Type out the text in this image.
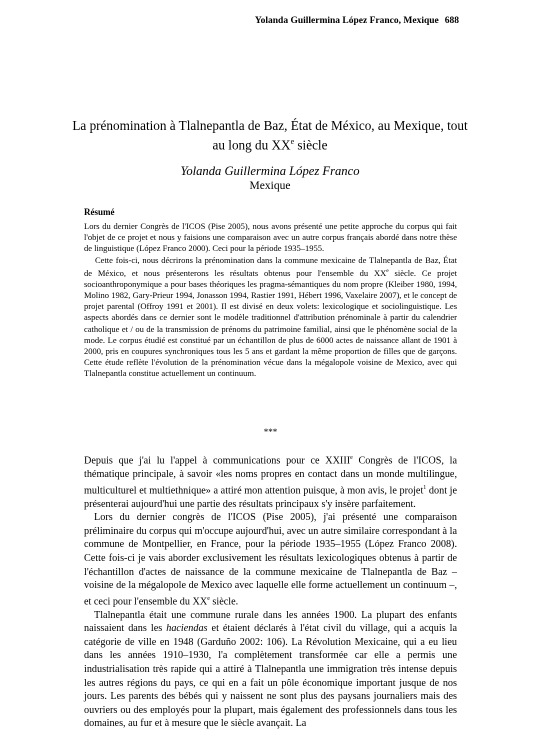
Yolanda Guillermina López Franco, Mexique 688
La prénomination à Tlalnepantla de Baz, État de México, au Mexique, tout au long du XXe siècle
Yolanda Guillermina López Franco
Mexique
Résumé

Lors du dernier Congrès de l'ICOS (Pise 2005), nous avons présenté une petite approche du corpus qui fait l'objet de ce projet et nous y faisions une comparaison avec un autre corpus français abordé dans notre thèse de linguistique (López Franco 2000). Ceci pour la période 1935–1955.

Cette fois-ci, nous décrirons la prénomination dans la commune mexicaine de Tlalnepantla de Baz, État de México, et nous présenterons les résultats obtenus pour l'ensemble du XXe siècle. Ce projet socioanthroponymique a pour bases théoriques les pragma-sémantiques du nom propre (Kleiber 1980, 1994, Molino 1982, Gary-Prieur 1994, Jonasson 1994, Rastier 1991, Hébert 1996, Vaxelaire 2007), et le concept de projet parental (Offroy 1991 et 2001). Il est divisé en deux volets: lexicologique et sociolinguistique. Les aspects abordés dans ce dernier sont le modèle traditionnel d'attribution prénominale à partir du calendrier catholique et / ou de la transmission de prénoms du patrimoine familial, ainsi que le phénomène social de la mode. Le corpus étudié est constitué par un échantillon de plus de 6000 actes de naissance allant de 1901 à 2000, pris en coupures synchroniques tous les 5 ans et gardant la même proportion de filles que de garçons. Cette étude reflète l'évolution de la prénomination vécue dans la mégalopole voisine de Mexico, avec qui Tlalnepantla constitue actuellement un continuum.

***

Depuis que j'ai lu l'appel à communications pour ce XXIIIe Congrès de l'ICOS, la thématique principale, à savoir «les noms propres en contact dans un monde multilingue, multiculturel et multiethnique» a attiré mon attention puisque, à mon avis, le projet$^1$ dont je présenterai aujourd'hui une partie des résultats principaux s'y insère parfaitement.

Lors du dernier congrès de l'ICOS (Pise 2005), j'ai présenté une comparaison préliminaire du corpus qui m'occupe aujourd'hui, avec un autre similaire correspondant à la commune de Montpellier, en France, pour la période 1935–1955 (López Franco 2008). Cette fois-ci je vais aborder exclusivement les résultats lexicologiques obtenus à partir de l'échantillon d'actes de naissance de la commune mexicaine de Tlalnepantla de Baz – voisine de la mégalopole de Mexico avec laquelle elle forme actuellement un continuum –, et ceci pour l'ensemble du XXe siècle.

Tlalnepantla était une commune rurale dans les années 1900. La plupart des enfants naissaient dans les haciendas et étaient déclarés à l'état civil du village, qui a acquis la catégorie de ville en 1948 (Garduño 2002: 106). La Révolution Mexicaine, qui a eu lieu dans les années 1910–1930, l'a complètement transformée car elle a permis une industrialisation très rapide qui a attiré à Tlalnepantla une immigration très intense depuis les autres régions du pays, ce qui en a fait un pôle économique important jusque de nos jours. Les parents des bébés qui y naissent ne sont plus des paysans journaliers mais des ouvriers ou des employés pour la plupart, mais également des professionnels dans tous les domaines, au fur et à mesure que le siècle avançait. La
